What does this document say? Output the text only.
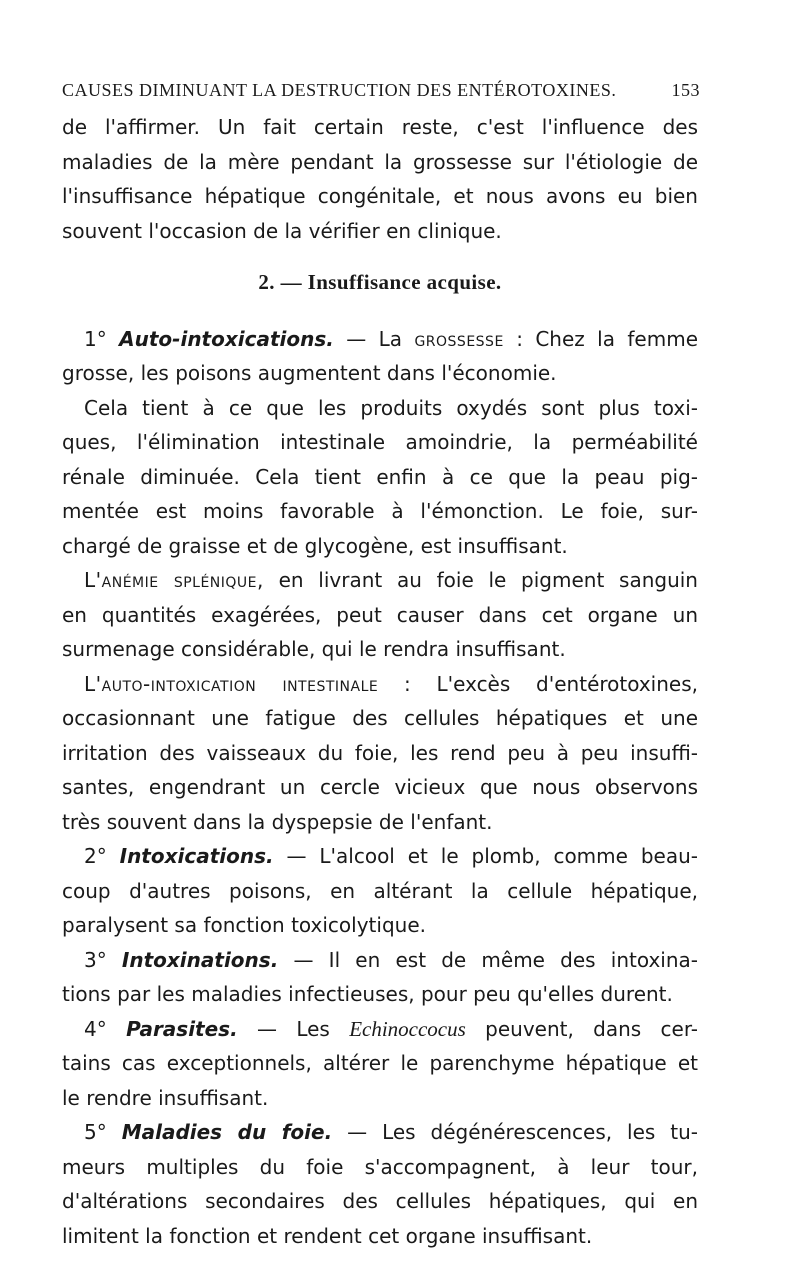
CAUSES DIMINUANT LA DESTRUCTION DES ENTÉROTOXINES.	153
de l'affirmer. Un fait certain reste, c'est l'influence des
maladies de la mère pendant la grossesse sur l'étiologie de
l'insuffisance hépatique congénitale, et nous avons eu bien
souvent l'occasion de la vérifier en clinique.
2. — Insuffisance acquise.
1° Auto-intoxications. — La grossesse : Chez la femme
grosse, les poisons augmentent dans l'économie.
Cela tient à ce que les produits oxydés sont plus toxi-
ques, l'élimination intestinale amoindrie, la perméabilité
rénale diminuée. Cela tient enfin à ce que la peau pig-
mentée est moins favorable à l'émonction. Le foie, sur-
chargé de graisse et de glycogène, est insuffisant.
L'anémie splénique, en livrant au foie le pigment sanguin
en quantités exagérées, peut causer dans cet organe un
surmenage considérable, qui le rendra insuffisant.
L'auto-intoxication intestinale : L'excès d'entérotoxines,
occasionnant une fatigue des cellules hépatiques et une
irritation des vaisseaux du foie, les rend peu à peu insuffi-
santes, engendrant un cercle vicieux que nous observons
très souvent dans la dyspepsie de l'enfant.
2° Intoxications. — L'alcool et le plomb, comme beau-
coup d'autres poisons, en altérant la cellule hépatique,
paralysent sa fonction toxicolytique.
3° Intoxinations. — Il en est de même des intoxina-
tions par les maladies infectieuses, pour peu qu'elles durent.
4° Parasites. — Les Echinoccocus peuvent, dans cer-
tains cas exceptionnels, altérer le parenchyme hépatique et
le rendre insuffisant.
5° Maladies du foie. — Les dégénérescences, les tu-
meurs multiples du foie s'accompagnent, à leur tour,
d'altérations secondaires des cellules hépatiques, qui en
limitent la fonction et rendent cet organe insuffisant.
